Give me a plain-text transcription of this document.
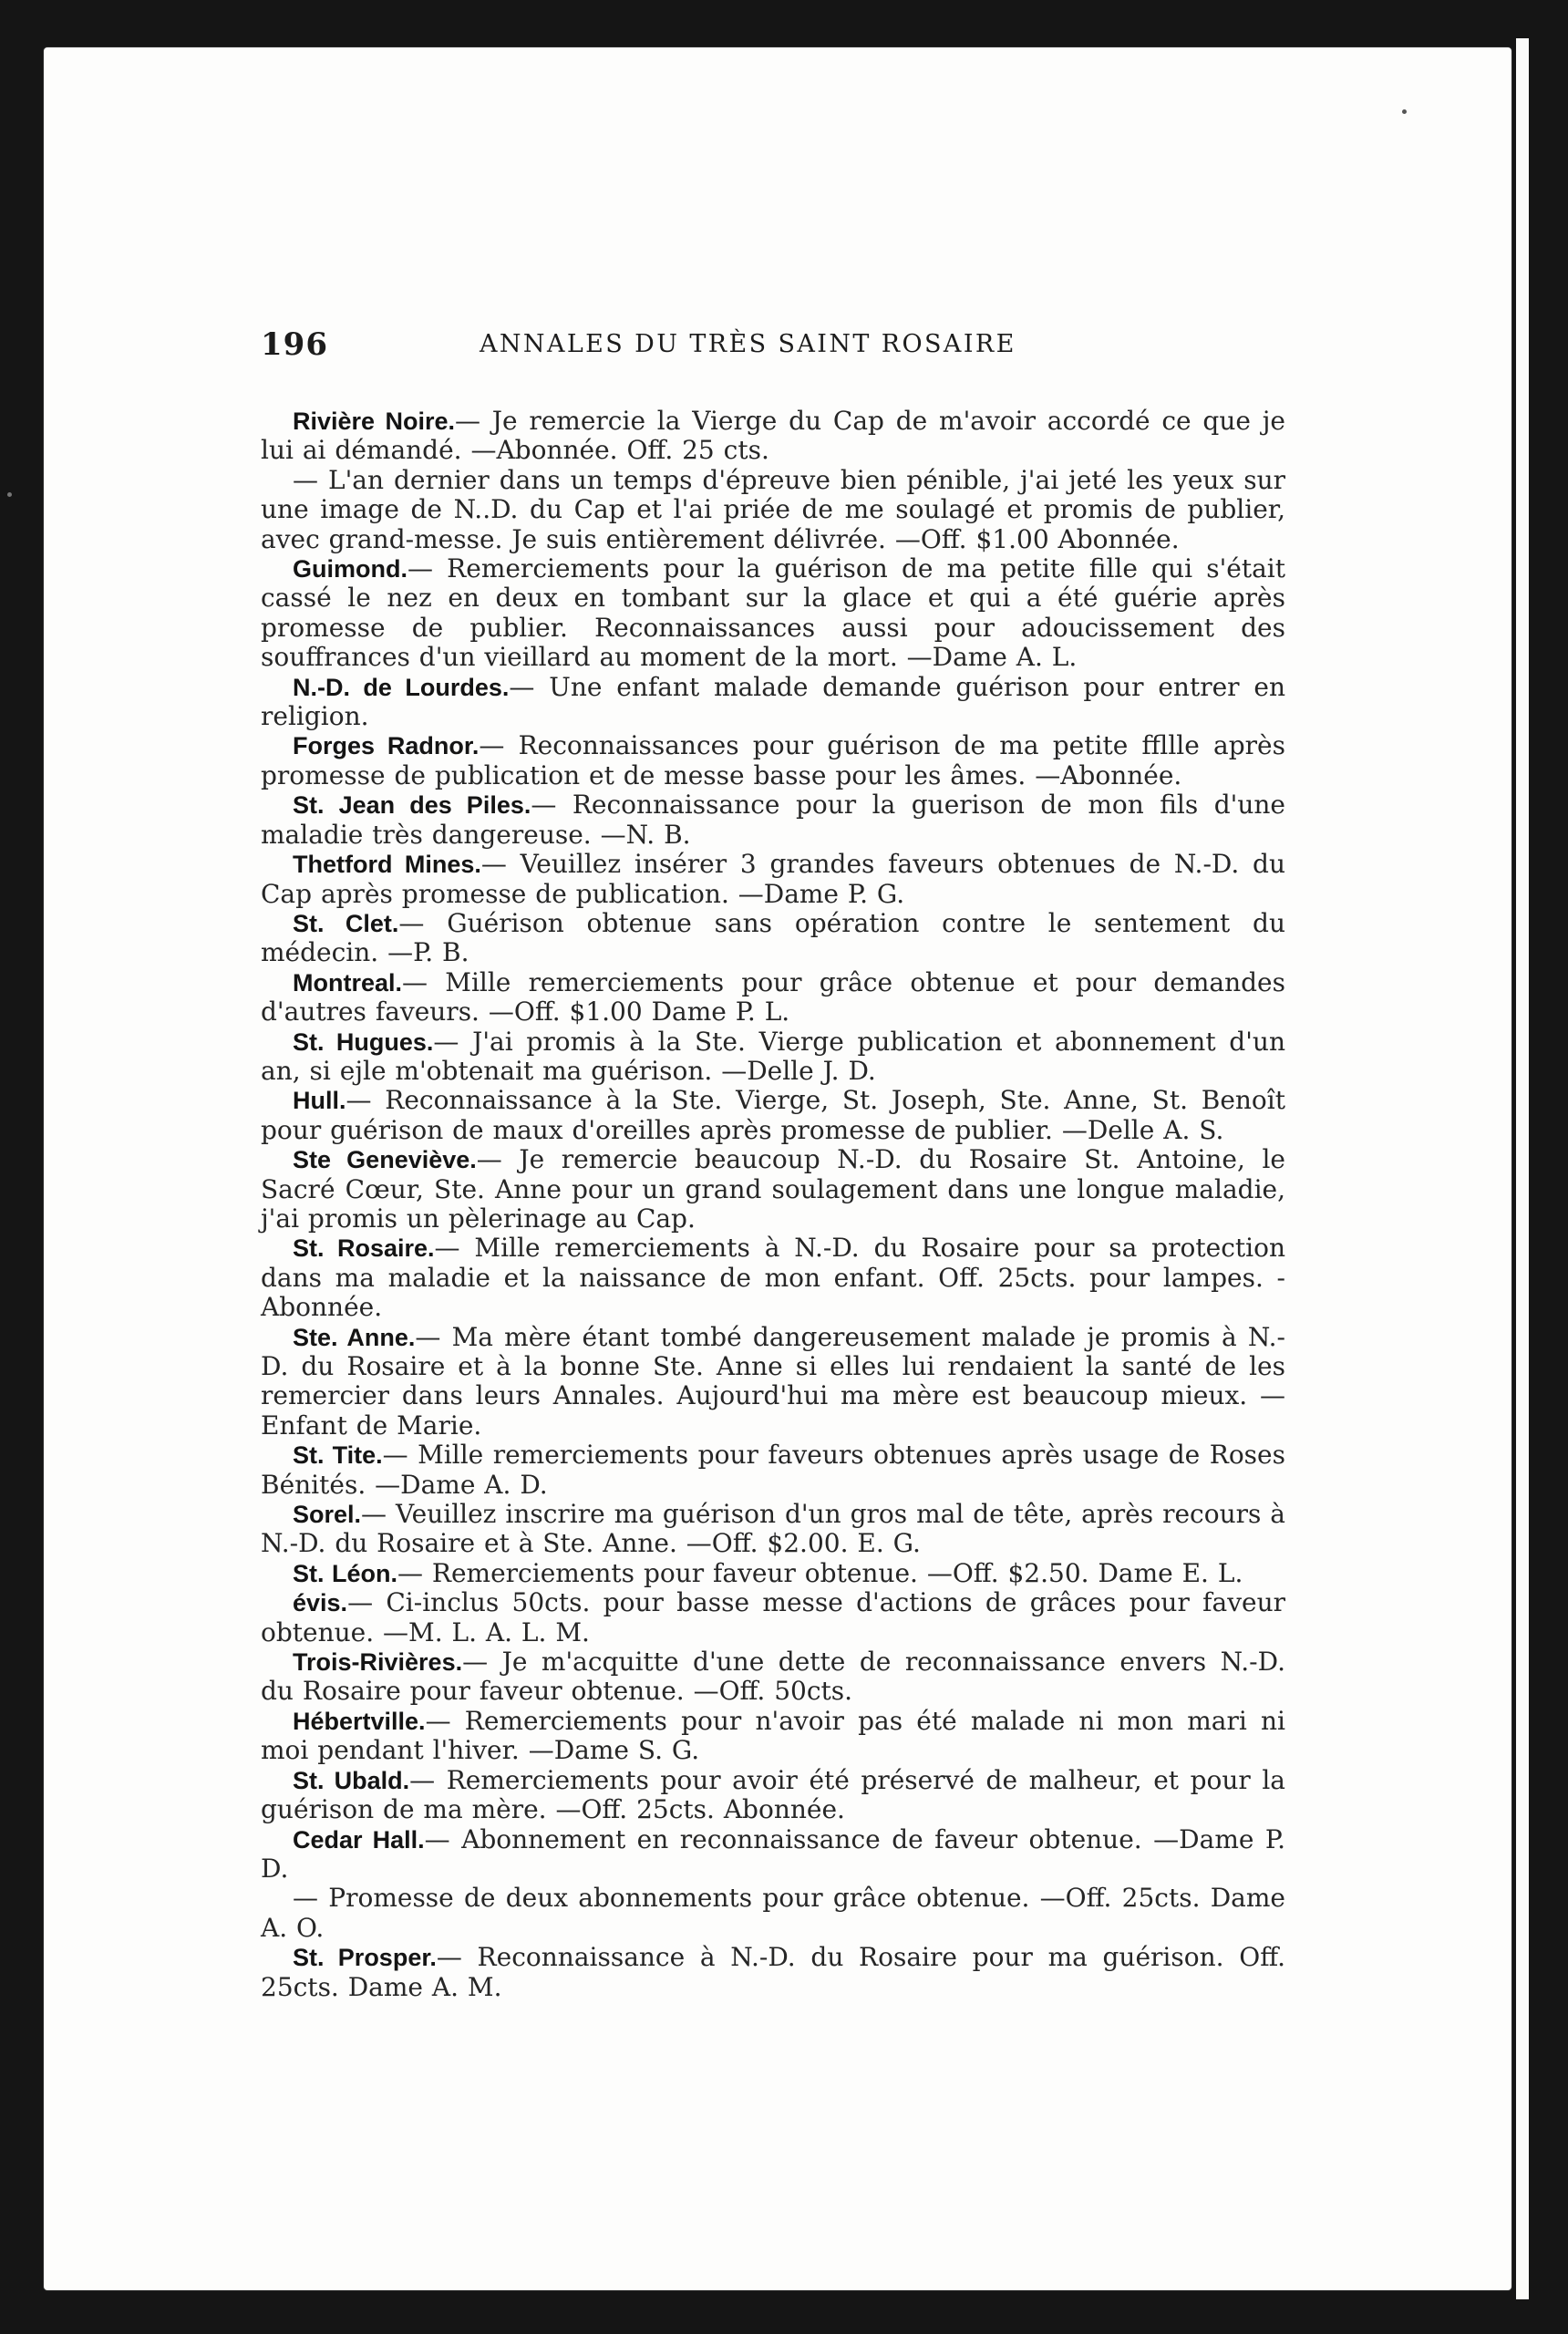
196	ANNALES DU TRÈS SAINT ROSAIRE

Rivière Noire.— Je remercie la Vierge du Cap de m'avoir accordé ce que je lui ai démandé. —Abonnée. Off. 25 cts.

— L'an dernier dans un temps d'épreuve bien pénible, j'ai jeté les yeux sur une image de N..D. du Cap et l'ai priée de me soulagé et promis de publier, avec grand-messe. Je suis entièrement délivrée. —Off. $1.00 Abonnée.

Guimond.— Remerciements pour la guérison de ma petite fille qui s'était cassé le nez en deux en tombant sur la glace et qui a été guérie après promesse de publier. Reconnaissances aussi pour adoucissement des souffrances d'un vieillard au moment de la mort. —Dame A. L.

N.-D. de Lourdes.— Une enfant malade demande guérison pour entrer en religion.

Forges Radnor.— Reconnaissances pour guérison de ma petite ffllle après promesse de publication et de messe basse pour les âmes. —Abonnée.

St. Jean des Piles.— Reconnaissance pour la guerison de mon fils d'une maladie très dangereuse. —N. B.

Thetford Mines.— Veuillez insérer 3 grandes faveurs obtenues de N.-D. du Cap après promesse de publication. —Dame P. G.

St. Clet.— Guérison obtenue sans opération contre le sentement du médecin. —P. B.

Montreal.— Mille remerciements pour grâce obtenue et pour demandes d'autres faveurs. —Off. $1.00 Dame P. L.

St. Hugues.— J'ai promis à la Ste. Vierge publication et abonnement d'un an, si ejle m'obtenait ma guérison. —Delle J. D.

Hull.— Reconnaissance à la Ste. Vierge, St. Joseph, Ste. Anne, St. Benoît pour guérison de maux d'oreilles après promesse de publier. —Delle A. S.

Ste Geneviève.— Je remercie beaucoup N.-D. du Rosaire St. Antoine, le Sacré Cœur, Ste. Anne pour un grand soulagement dans une longue maladie, j'ai promis un pèlerinage au Cap.

St. Rosaire.— Mille remerciements à N.-D. du Rosaire pour sa protection dans ma maladie et la naissance de mon enfant. Off. 25cts. pour lampes. - Abonnée.

Ste. Anne.— Ma mère étant tombé dangereusement malade je promis à N.-D. du Rosaire et à la bonne Ste. Anne si elles lui rendaient la santé de les remercier dans leurs Annales. Aujourd'hui ma mère est beaucoup mieux. —Enfant de Marie.

St. Tite.— Mille remerciements pour faveurs obtenues après usage de Roses Bénités. —Dame A. D.

Sorel.— Veuillez inscrire ma guérison d'un gros mal de tête, après recours à N.-D. du Rosaire et à Ste. Anne. —Off. $2.00. E. G.

St. Léon.— Remerciements pour faveur obtenue. —Off. $2.50. Dame E. L.

évis.— Ci-inclus 50cts. pour basse messe d'actions de grâces pour faveur obtenue. —M. L. A. L. M.

Trois-Rivières.— Je m'acquitte d'une dette de reconnaissance envers N.-D. du Rosaire pour faveur obtenue. —Off. 50cts.

Hébertville.— Remerciements pour n'avoir pas été malade ni mon mari ni moi pendant l'hiver. —Dame S. G.

St. Ubald.— Remerciements pour avoir été préservé de malheur, et pour la guérison de ma mère. —Off. 25cts. Abonnée.

Cedar Hall.— Abonnement en reconnaissance de faveur obtenue. —Dame P. D.

— Promesse de deux abonnements pour grâce obtenue. —Off. 25cts. Dame A. O.

St. Prosper.— Reconnaissance à N.-D. du Rosaire pour ma guérison. Off. 25cts. Dame A. M.
